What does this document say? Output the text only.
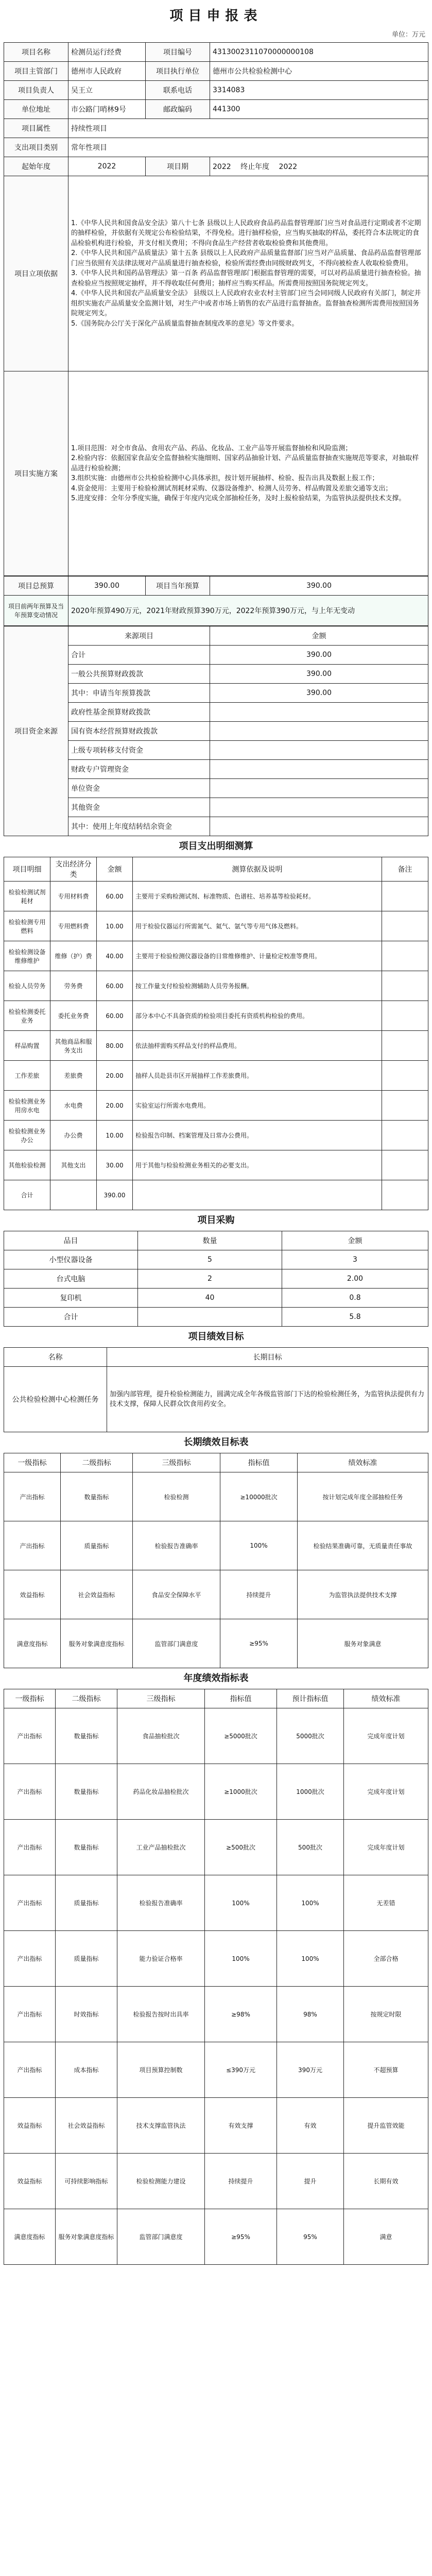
项目申报表
单位：万元
项目名称	检测员运行经费	项目编号	4313002311070000000108
项目主管部门	德州市人民政府	项目执行单位	德州市公共检验检测中心
项目负责人	吴王立	联系电话	3314083
单位地址	市公路门哨林9号	邮政编码	441300
项目属性	持续性项目		
支出项目类别	常年性项目		
起始年度	2022	项目期	2022 　 终止年度 　 2022
项目立项依据	1.《中华人民共和国食品安全法》第八十七条 县级以上人民政府食品药品监督管理部门应当对食品进行定期或者不定期的抽样检验，并依据有关规定公布检验结果，不得免检。进行抽样检验，应当购买抽取的样品，委托符合本法规定的食品检验机构进行检验，并支付相关费用；不得向食品生产经营者收取检验费和其他费用。
2.《中华人民共和国产品质量法》第十五条 县级以上人民政府产品质量监督部门应当对产品质量、食品药品监督管理部门应当依照有关法律法规对产品质量进行抽查检验，检验所需经费由同级财政列支，不得向被检查人收取检验费用。
3.《中华人民共和国药品管理法》第一百条 药品监督管理部门根据监督管理的需要，可以对药品质量进行抽查检验。抽查检验应当按照规定抽样，并不得收取任何费用；抽样应当购买样品。所需费用按照国务院规定列支。
4.《中华人民共和国农产品质量安全法》 县级以上人民政府农业农村主管部门应当会同同级人民政府有关部门，制定并组织实施农产品质量安全监测计划，对生产中或者市场上销售的农产品进行监督抽查。监督抽查检测所需费用按照国务院规定列支。
5.《国务院办公厅关于深化产品质量监督抽查制度改革的意见》等文件要求。		
项目实施方案	1.项目范围：对全市食品、食用农产品、药品、化妆品、工业产品等开展监督抽检和风险监测；
2.检验内容：依据国家食品安全监督抽检实施细则、国家药品抽验计划、产品质量监督抽查实施规范等要求，对抽取样品进行检验检测；
3.组织实施：由德州市公共检验检测中心具体承担，按计划开展抽样、检验、报告出具及数据上报工作；
4.资金使用：主要用于检验检测试剂耗材采购、仪器设备维护、检测人员劳务、样品购置及差旅交通等支出；
5.进度安排：全年分季度实施，确保于年度内完成全部抽检任务，及时上报检验结果，为监管执法提供技术支撑。		
项目总预算	390.00	项目当年预算	390.00
项目前两年预算及当年预算变动情况	2020年预算490万元，2021年财政预算390万元，2022年预算390万元，与上年无变动		
项目资金来源	来源项目	金额
	合计	390.00
	一般公共预算财政拨款	390.00
	其中：申请当年预算拨款	390.00
	政府性基金预算财政拨款	
	国有资本经营预算财政拨款	
	上级专项转移支付资金	
	财政专户管理资金	
	单位资金	
	其他资金	
	其中：使用上年度结转结余资金	
项目支出明细测算
项目明细	支出经济分类	金额	测算依据及说明	备注
检验检测试剂耗材	专用材料费	60.00	主要用于采购检测试剂、标准物质、色谱柱、培养基等检验耗材。	
检验检测专用燃料	专用燃料费	10.00	用于检验仪器运行所需氮气、氦气、氩气等专用气体及燃料。	
检验检测设备维修维护	维修（护）费	40.00	主要用于检验检测仪器设备的日常维修维护、计量检定校准等费用。	
检验人员劳务	劳务费	60.00	按工作量支付检验检测辅助人员劳务报酬。	
检验检测委托业务	委托业务费	60.00	部分本中心不具备资质的检验项目委托有资质机构检验的费用。	
样品购置	其他商品和服务支出	80.00	依法抽样需购买样品支付的样品费用。	
工作差旅	差旅费	20.00	抽样人员赴县市区开展抽样工作差旅费用。	
检验检测业务用房水电	水电费	20.00	实验室运行所需水电费用。	
检验检测业务办公	办公费	10.00	检验报告印制、档案管理及日常办公费用。	
其他检验检测	其他支出	30.00	用于其他与检验检测业务相关的必要支出。	
合计		390.00		
项目采购
品目	数量	金额
小型仪器设备	5	3
台式电脑	2	2.00
复印机	40	0.8
合计		5.8
项目绩效目标
名称	长期目标
公共检验检测中心检测任务	加强内部管理，提升检验检测能力，圆满完成全年各级监管部门下达的检验检测任务，为监管执法提供有力技术支撑，保障人民群众饮食用药安全。
长期绩效目标表
一级指标	二级指标	三级指标	指标值	绩效标准
产出指标	数量指标	检验检测	≥10000批次	按计划完成年度全部抽检任务
产出指标	质量指标	检验报告准确率	100%	检验结果准确可靠，无质量责任事故
效益指标	社会效益指标	食品安全保障水平	持续提升	为监管执法提供技术支撑
满意度指标	服务对象满意度指标	监管部门满意度	≥95%	服务对象满意
年度绩效指标表
一级指标	二级指标	三级指标	指标值	预计指标值	绩效标准
产出指标	数量指标	食品抽检批次	≥5000批次	5000批次	完成年度计划
产出指标	数量指标	药品化妆品抽检批次	≥1000批次	1000批次	完成年度计划
产出指标	数量指标	工业产品抽检批次	≥500批次	500批次	完成年度计划
产出指标	质量指标	检验报告准确率	100%	100%	无差错
产出指标	质量指标	能力验证合格率	100%	100%	全部合格
产出指标	时效指标	检验报告按时出具率	≥98%	98%	按规定时限
产出指标	成本指标	项目预算控制数	≤390万元	390万元	不超预算
效益指标	社会效益指标	技术支撑监管执法	有效支撑	有效	提升监管效能
效益指标	可持续影响指标	检验检测能力建设	持续提升	提升	长期有效
满意度指标	服务对象满意度指标	监管部门满意度	≥95%	95%	满意
